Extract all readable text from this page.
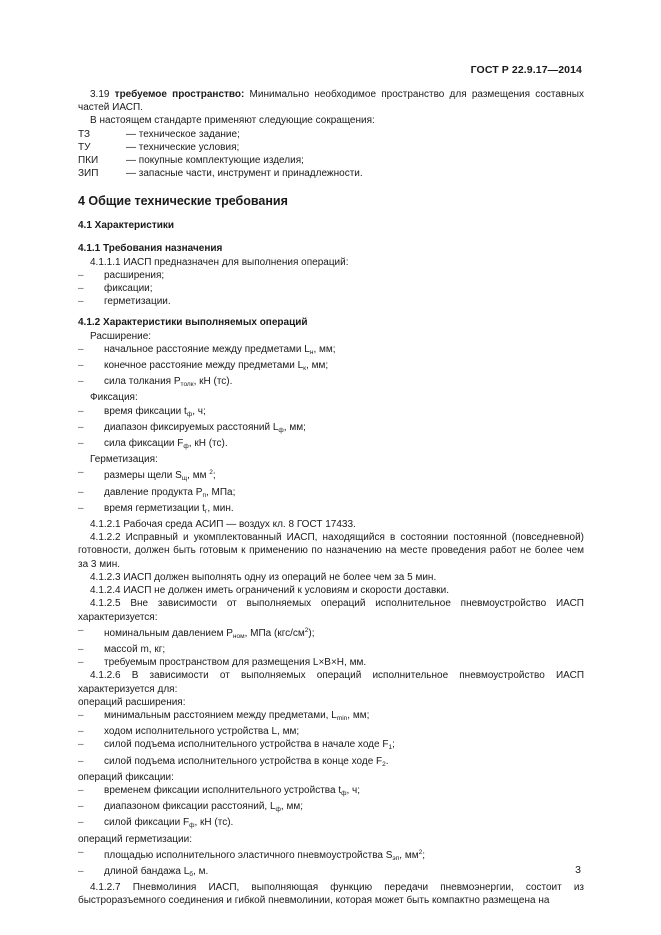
ГОСТ Р 22.9.17—2014

3.19 требуемое пространство: Минимально необходимое пространство для размещения составных частей ИАСП.

В настоящем стандарте применяют следующие сокращения:

ТЗ	— техническое задание;
ТУ	— технические условия;
ПКИ	— покупные комплектующие изделия;
ЗИП	— запасные части, инструмент и принадлежности.
4 Общие технические требования
4.1 Характеристики
4.1.1 Требования назначения

4.1.1.1 ИАСП предназначен для выполнения операций:

–	расширения;
–	фиксации;
–	герметизации.
4.1.2 Характеристики выполняемых операций

Расширение:

–	начальное расстояние между предметами $L_н$, мм;
–	конечное расстояние между предметами $L_к$, мм;
–	сила толкания $P_{толк}$, кН (тс).

Фиксация:

–	время фиксации $t_ф$, ч;
–	диапазон фиксируемых расстояний $L_ф$, мм;
–	сила фиксации $F_ф$, кН (тс).

Герметизация:

–	размеры щели $S_щ$, мм $^2$;
–	давление продукта $P_п$, МПа;
–	время герметизации $t_г$, мин.

4.1.2.1 Рабочая среда АСИП — воздух кл. 8 ГОСТ 17433.

4.1.2.2 Исправный и укомплектованный ИАСП, находящийся в состоянии постоянной (повседневной) готовности, должен быть готовым к применению по назначению на месте проведения работ не более чем за 3 мин.

4.1.2.3 ИАСП должен выполнять одну из операций не более чем за 5 мин.

4.1.2.4 ИАСП не должен иметь ограничений к условиям и скорости доставки.

4.1.2.5 Вне зависимости от выполняемых операций исполнительное пневмоустройство ИАСП характеризуется:

–	номинальным давлением $P_{ном}$, МПа $(кгс/см^2)$;
–	массой m, кг;
–	требуемым пространством для размещения L×B×H, мм.

4.1.2.6 В зависимости от выполняемых операций исполнительное пневмоустройство ИАСП характеризуется для:

операций расширения:

–	минимальным расстоянием между предметами, $L_{min}$, мм;
–	ходом исполнительного устройства L, мм;
–	силой подъема исполнительного устройства в начале ходе $F_1$;
–	силой подъема исполнительного устройства в конце ходе $F_2$.

операций фиксации:

–	временем фиксации исполнительного устройства $t_ф$, ч;
–	диапазоном фиксации расстояний, $L_ф$, мм;
–	силой фиксации $F_ф$, кН (тс).

операций герметизации:

–	площадью исполнительного эластичного пневмоустройства $S_{эп}$, $мм^2$;
–	длиной бандажа $L_б$, м.

4.1.2.7 Пневмолиния ИАСП, выполняющая функцию передачи пневмоэнергии, состоит из быстроразъемного соединения и гибкой пневмолинии, которая может быть компактно размещена на

3
